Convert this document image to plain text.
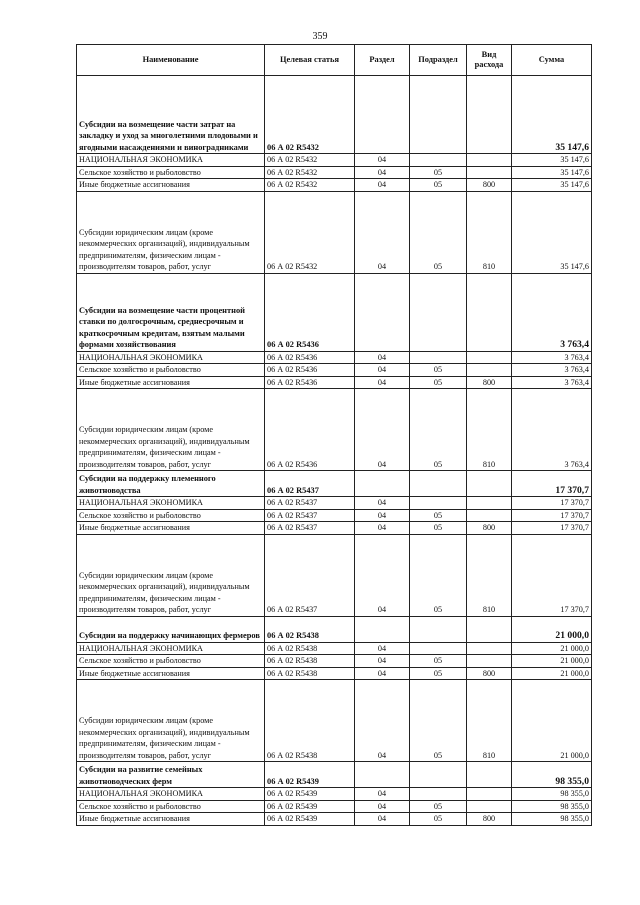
359
Наименование	Целевая статья	Раздел	Подраздел	Вид расхода	Сумма
Субсидии на возмещение части затрат на закладку и уход за многолетними плодовыми и ягодными насаждениями и виноградниками	06 А 02 R5432				35 147,6
НАЦИОНАЛЬНАЯ ЭКОНОМИКА	06 А 02 R5432	04			35 147,6
Сельское хозяйство и рыболовство	06 А 02 R5432	04	05		35 147,6
Иные бюджетные ассигнования	06 А 02 R5432	04	05	800	35 147,6
Субсидии юридическим лицам (кроме некоммерческих организаций), индивидуальным предпринимателям, физическим лицам - производителям товаров, работ, услуг	06 А 02 R5432	04	05	810	35 147,6
Субсидии на возмещение части процентной ставки по долгосрочным, среднесрочным и краткосрочным кредитам, взятым малыми формами хозяйствования	06 А 02 R5436				3 763,4
НАЦИОНАЛЬНАЯ ЭКОНОМИКА	06 А 02 R5436	04			3 763,4
Сельское хозяйство и рыболовство	06 А 02 R5436	04	05		3 763,4
Иные бюджетные ассигнования	06 А 02 R5436	04	05	800	3 763,4
Субсидии юридическим лицам (кроме некоммерческих организаций), индивидуальным предпринимателям, физическим лицам - производителям товаров, работ, услуг	06 А 02 R5436	04	05	810	3 763,4
Субсидии на поддержку племенного животноводства	06 А 02 R5437				17 370,7
НАЦИОНАЛЬНАЯ ЭКОНОМИКА	06 А 02 R5437	04			17 370,7
Сельское хозяйство и рыболовство	06 А 02 R5437	04	05		17 370,7
Иные бюджетные ассигнования	06 А 02 R5437	04	05	800	17 370,7
Субсидии юридическим лицам (кроме некоммерческих организаций), индивидуальным предпринимателям, физическим лицам - производителям товаров, работ, услуг	06 А 02 R5437	04	05	810	17 370,7
Субсидии на поддержку начинающих фермеров	06 А 02 R5438				21 000,0
НАЦИОНАЛЬНАЯ ЭКОНОМИКА	06 А 02 R5438	04			21 000,0
Сельское хозяйство и рыболовство	06 А 02 R5438	04	05		21 000,0
Иные бюджетные ассигнования	06 А 02 R5438	04	05	800	21 000,0
Субсидии юридическим лицам (кроме некоммерческих организаций), индивидуальным предпринимателям, физическим лицам - производителям товаров, работ, услуг	06 А 02 R5438	04	05	810	21 000,0
Субсидии на развитие семейных животноводческих ферм	06 А 02 R5439				98 355,0
НАЦИОНАЛЬНАЯ ЭКОНОМИКА	06 А 02 R5439	04			98 355,0
Сельское хозяйство и рыболовство	06 А 02 R5439	04	05		98 355,0
Иные бюджетные ассигнования	06 А 02 R5439	04	05	800	98 355,0
